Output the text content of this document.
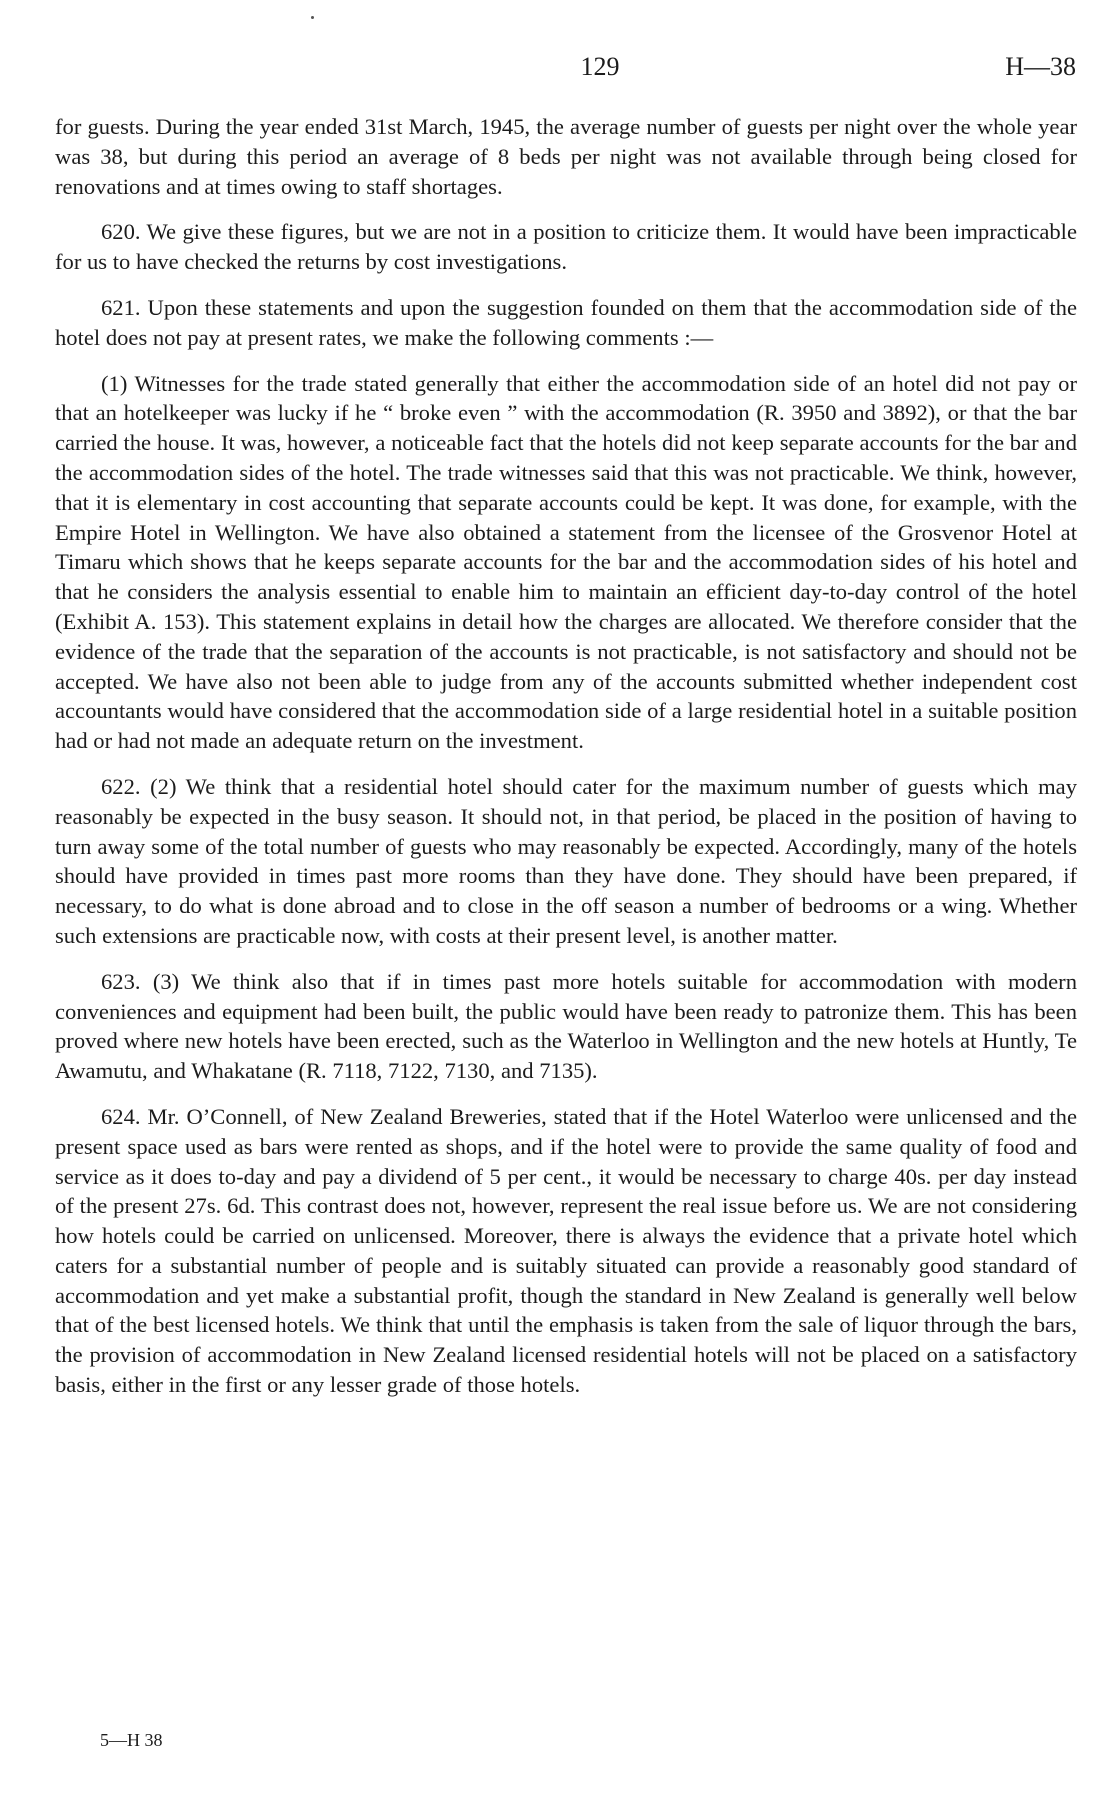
129	H—38

for guests. During the year ended 31st March, 1945, the average number of guests per night over the whole year was 38, but during this period an average of 8 beds per night was not available through being closed for renovations and at times owing to staff shortages.

620. We give these figures, but we are not in a position to criticize them. It would have been impracticable for us to have checked the returns by cost investigations.

621. Upon these statements and upon the suggestion founded on them that the accommodation side of the hotel does not pay at present rates, we make the following comments :—

(1) Witnesses for the trade stated generally that either the accommodation side of an hotel did not pay or that an hotelkeeper was lucky if he “ broke even ” with the accommodation (R. 3950 and 3892), or that the bar carried the house. It was, however, a noticeable fact that the hotels did not keep separate accounts for the bar and the accommodation sides of the hotel. The trade witnesses said that this was not practicable. We think, however, that it is elementary in cost accounting that separate accounts could be kept. It was done, for example, with the Empire Hotel in Wellington. We have also obtained a statement from the licensee of the Grosvenor Hotel at Timaru which shows that he keeps separate accounts for the bar and the accommodation sides of his hotel and that he considers the analysis essential to enable him to maintain an efficient day-to-day control of the hotel (Exhibit A. 153). This statement explains in detail how the charges are allocated. We therefore consider that the evidence of the trade that the separation of the accounts is not practicable, is not satisfactory and should not be accepted. We have also not been able to judge from any of the accounts submitted whether independent cost accountants would have considered that the accommodation side of a large residential hotel in a suitable position had or had not made an adequate return on the investment.

622. (2) We think that a residential hotel should cater for the maximum number of guests which may reasonably be expected in the busy season. It should not, in that period, be placed in the position of having to turn away some of the total number of guests who may reasonably be expected. Accordingly, many of the hotels should have provided in times past more rooms than they have done. They should have been prepared, if necessary, to do what is done abroad and to close in the off season a number of bedrooms or a wing. Whether such extensions are practicable now, with costs at their present level, is another matter.

623. (3) We think also that if in times past more hotels suitable for accommodation with modern conveniences and equipment had been built, the public would have been ready to patronize them. This has been proved where new hotels have been erected, such as the Waterloo in Wellington and the new hotels at Huntly, Te Awamutu, and Whakatane (R. 7118, 7122, 7130, and 7135).

624. Mr. O’Connell, of New Zealand Breweries, stated that if the Hotel Waterloo were unlicensed and the present space used as bars were rented as shops, and if the hotel were to provide the same quality of food and service as it does to-day and pay a dividend of 5 per cent., it would be necessary to charge 40s. per day instead of the present 27s. 6d. This contrast does not, however, represent the real issue before us. We are not considering how hotels could be carried on unlicensed. Moreover, there is always the evidence that a private hotel which caters for a substantial number of people and is suitably situated can provide a reasonably good standard of accommodation and yet make a substantial profit, though the standard in New Zealand is generally well below that of the best licensed hotels. We think that until the emphasis is taken from the sale of liquor through the bars, the provision of accommodation in New Zealand licensed residential hotels will not be placed on a satisfactory basis, either in the first or any lesser grade of those hotels.

5—H 38
